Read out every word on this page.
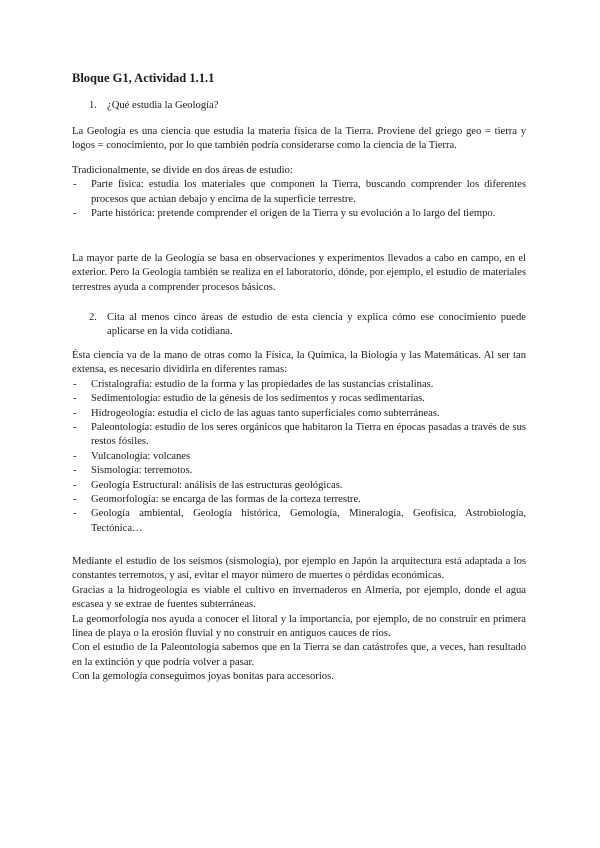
Bloque G1, Actividad 1.1.1
1. ¿Qué estudia la Geología?

La Geología es una ciencia que estudia la materia física de la Tierra. Proviene del griego geo = tierra y logos = conocimiento, por lo que también podría considerarse como la ciencia de la Tierra.

Tradicionalmente, se divide en dos áreas de estudio:

- Parte física: estudia los materiales que componen la Tierra, buscando comprender los diferentes procesos que actúan debajo y encima de la superficie terrestre.
- Parte histórica: pretende comprender el origen de la Tierra y su evolución a lo largo del tiempo.

La mayor parte de la Geología se basa en observaciones y experimentos llevados a cabo en campo, en el exterior. Pero la Geología también se realiza en el laboratorio, dónde, por ejemplo, el estudio de materiales terrestres ayuda a comprender procesos básicos.

2. Cita al menos cinco áreas de estudio de esta ciencia y explica cómo ese conocimiento puede aplicarse en la vida cotidiana.

Ésta ciencia va de la mano de otras como la Física, la Química, la Biología y las Matemáticas. Al ser tan extensa, es necesario dividirla en diferentes ramas:

- Cristalografía: estudio de la forma y las propiedades de las sustancias cristalinas.
- Sedimentología: estudio de la génesis de los sedimentos y rocas sedimentarias.
- Hidrogeología: estudia el ciclo de las aguas tanto superficiales como subterráneas.
- Paleontología: estudio de los seres orgánicos que habitaron la Tierra en épocas pasadas a través de sus restos fósiles.
- Vulcanología: volcanes
- Sismología: terremotos.
- Geología Estructural: análisis de las estructuras geológicas.
- Geomorfología: se encarga de las formas de la corteza terrestre.
- Geología ambiental, Geología histórica, Gemología, Mineralogía, Geofísica, Astrobiología, Tectónica…

Mediante el estudio de los seísmos (sismología), por ejemplo en Japón la arquitectura está adaptada a los constantes terremotos, y así, evitar el mayor número de muertes o pérdidas económicas.

Gracias a la hidrogeología es viable el cultivo en invernaderos en Almería, por ejemplo, donde el agua escasea y se extrae de fuentes subterráneas.

La geomorfología nos ayuda a conocer el litoral y la importancia, por ejemplo, de no construir en primera línea de playa o la erosión fluvial y no construir en antiguos cauces de ríos.

Con el estudio de la Paleontología sabemos que en la Tierra se dan catástrofes que, a veces, han resultado en la extinción y que podría volver a pasar.

Con la gemología conseguimos joyas bonitas para accesorios.
